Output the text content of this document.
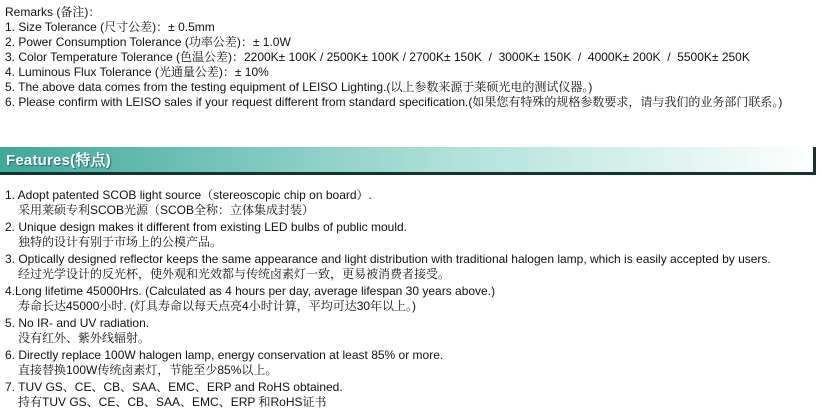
Remarks (备注)：
1. Size Tolerance (尺寸公差)：± 0.5mm
2. Power Consumption Tolerance (功率公差)：± 1.0W
3. Color Temperature Tolerance (色温公差)：2200K± 100K / 2500K± 100K / 2700K± 150K  /  3000K± 150K  /  4000K± 200K  /  5500K± 250K
4. Luminous Flux Tolerance (光通量公差)：± 10%
5. The above data comes from the testing equipment of LEISO Lighting.(以上参数来源于莱硕光电的测试仪器。)
6. Please confirm with LEISO sales if your request different from standard specification.(如果您有特殊的规格参数要求，请与我们的业务部门联系。)
Features(特点)
1. Adopt patented SCOB light source（stereoscopic chip on board）.
采用莱硕专利SCOB光源（SCOB全称：立体集成封装）
2. Unique design makes it different from existing LED bulbs of public mould.
独特的设计有别于市场上的公模产品。
3. Optically designed reflector keeps the same appearance and light distribution with traditional halogen lamp, which is easily accepted by users.
经过光学设计的反光杯，使外观和光效都与传统卤素灯一致，更易被消费者接受。
4.Long lifetime 45000Hrs. (Calculated as 4 hours per day, average lifespan 30 years above.)
寿命长达45000小时. (灯具寿命以每天点亮4小时计算，平均可达30年以上。)
5. No IR- and UV radiation.
没有红外、紫外线辐射。
6. Directly replace 100W halogen lamp, energy conservation at least 85% or more.
直接替换100W传统卤素灯，节能至少85%以上。
7. TUV GS、CE、CB、SAA、EMC、ERP and RoHS obtained.
持有TUV GS、CE、CB、SAA、EMC、ERP 和RoHS证书
